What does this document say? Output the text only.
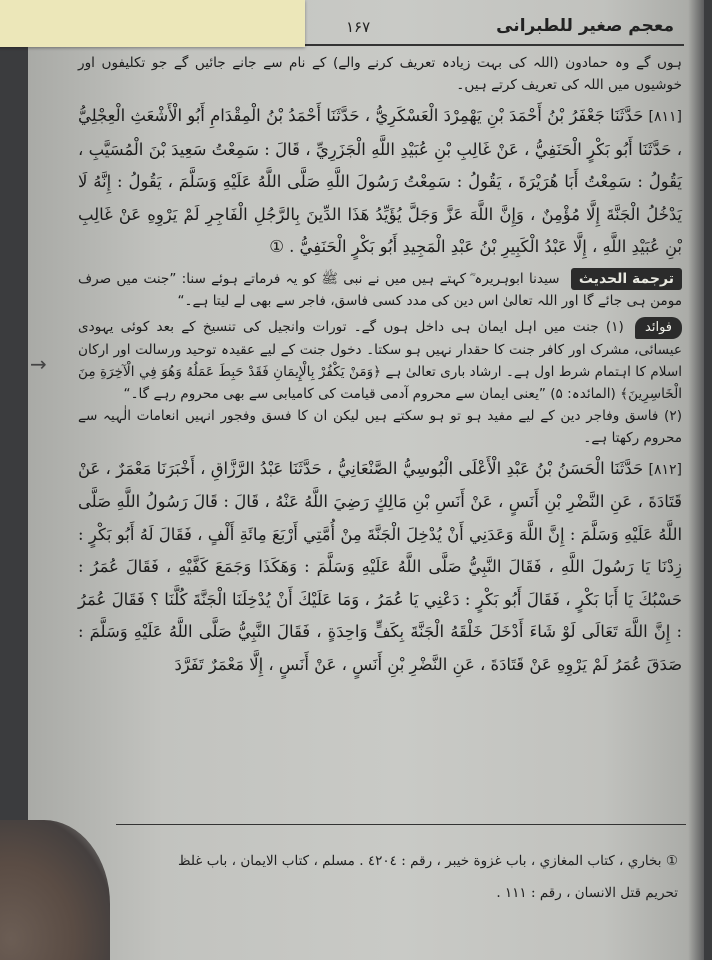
معجم صغیر للطبرانی
۱۶۷
→

ہوں گے وہ حمادون (اللہ کی بہت زیادہ تعریف کرنے والے) کے نام سے جانے جائیں گے جو تکلیفوں اور خوشیوں میں اللہ کی تعریف کرتے ہیں۔

[۸۱۱] حَدَّثَنَا جَعْفَرُ بْنُ أَحْمَدَ بْنِ يَهْمِرْدَ الْعَسْكَرِيُّ ، حَدَّثَنَا أَحْمَدُ بْنُ الْمِقْدَامِ أَبُو الْأَشْعَثِ الْعِجْلِيُّ ، حَدَّثَنَا أَبُو بَكْرٍ الْحَنَفِيُّ ، عَنْ غَالِبِ بْنِ عُبَيْدِ اللَّهِ الْجَزَرِيِّ ، قَالَ : سَمِعْتُ سَعِيدَ بْنَ الْمُسَيَّبِ ، يَقُولُ : سَمِعْتُ أَبَا هُرَيْرَةَ ، يَقُولُ : سَمِعْتُ رَسُولَ اللَّهِ صَلَّى اللَّهُ عَلَيْهِ وَسَلَّمَ ، يَقُولُ : إِنَّهُ لَا يَدْخُلُ الْجَنَّةَ إِلَّا مُؤْمِنٌ ، وَإِنَّ اللَّهَ عَزَّ وَجَلَّ يُؤَيِّدُ هَذَا الدِّينَ بِالرَّجُلِ الْفَاجِرِ لَمْ يَرْوِهِ عَنْ غَالِبِ بْنِ عُبَيْدِ اللَّهِ ، إِلَّا عَبْدُ الْكَبِيرِ بْنُ عَبْدِ الْمَجِيدِ أَبُو بَكْرٍ الْحَنَفِيُّ . ①

ترجمة الحديث سیدنا ابوہریرہ ؓ کہتے ہیں میں نے نبی ﷺ کو یہ فرماتے ہوئے سنا: ”جنت میں صرف مومن ہی جائے گا اور اللہ تعالیٰ اس دین کی مدد کسی فاسق، فاجر سے بھی لے لیتا ہے۔“

فوائد (۱) جنت میں اہل ایمان ہی داخل ہوں گے۔ تورات وانجیل کی تنسیخ کے بعد کوئی یہودی عیسائی، مشرک اور کافر جنت کا حقدار نہیں ہو سکتا۔ دخول جنت کے لیے عقیدہ توحید ورسالت اور ارکان اسلام کا اہتمام شرط اول ہے۔ ارشاد باری تعالیٰ ہے ﴿وَمَنْ يَكْفُرْ بِالْإِيمَانِ فَقَدْ حَبِطَ عَمَلُهُ وَهُوَ فِي الْآخِرَةِ مِنَ الْخَاسِرِينَ﴾ (المائدہ: ۵) ”یعنی ایمان سے محروم آدمی قیامت کی کامیابی سے بھی محروم رہے گا۔“

(۲) فاسق وفاجر دین کے لیے مفید ہو تو ہو سکتے ہیں لیکن ان کا فسق وفجور انہیں انعامات الٰہیہ سے محروم رکھتا ہے۔

[۸۱۲] حَدَّثَنَا الْحَسَنُ بْنُ عَبْدِ الْأَعْلَى الْبُوسِيُّ الصَّنْعَانِيُّ ، حَدَّثَنَا عَبْدُ الرَّزَّاقِ ، أَخْبَرَنَا مَعْمَرٌ ، عَنْ قَتَادَةَ ، عَنِ النَّضْرِ بْنِ أَنَسٍ ، عَنْ أَنَسِ بْنِ مَالِكٍ رَضِيَ اللَّهُ عَنْهُ ، قَالَ : قَالَ رَسُولُ اللَّهِ صَلَّى اللَّهُ عَلَيْهِ وَسَلَّمَ : إِنَّ اللَّهَ وَعَدَنِي أَنْ يُدْخِلَ الْجَنَّةَ مِنْ أُمَّتِي أَرْبَعَ مِائَةِ أَلْفٍ ، فَقَالَ لَهُ أَبُو بَكْرٍ : زِدْنَا يَا رَسُولَ اللَّهِ ، فَقَالَ النَّبِيُّ صَلَّى اللَّهُ عَلَيْهِ وَسَلَّمَ : وَهَكَذَا وَجَمَعَ كَفَّيْهِ ، فَقَالَ عُمَرُ : حَسْبُكَ يَا أَبَا بَكْرٍ ، فَقَالَ أَبُو بَكْرٍ : دَعْنِي يَا عُمَرُ ، وَمَا عَلَيْكَ أَنْ يُدْخِلَنَا الْجَنَّةَ كُلَّنَا ؟ فَقَالَ عُمَرُ : إِنَّ اللَّهَ تَعَالَى لَوْ شَاءَ أَدْخَلَ خَلْقَهُ الْجَنَّةَ بِكَفٍّ وَاحِدَةٍ ، فَقَالَ النَّبِيُّ صَلَّى اللَّهُ عَلَيْهِ وَسَلَّمَ : صَدَقَ عُمَرُ لَمْ يَرْوِهِ عَنْ قَتَادَةَ ، عَنِ النَّضْرِ بْنِ أَنَسٍ ، عَنْ أَنَسٍ ، إِلَّا مَعْمَرٌ تَفَرَّدَ

① بخاري ، كتاب المغازي ، باب غزوة خيبر ، رقم : ٤٢٠٤ . مسلم ، كتاب الايمان ، باب غلظ تحريم قتل الانسان ، رقم : ١١١ .
